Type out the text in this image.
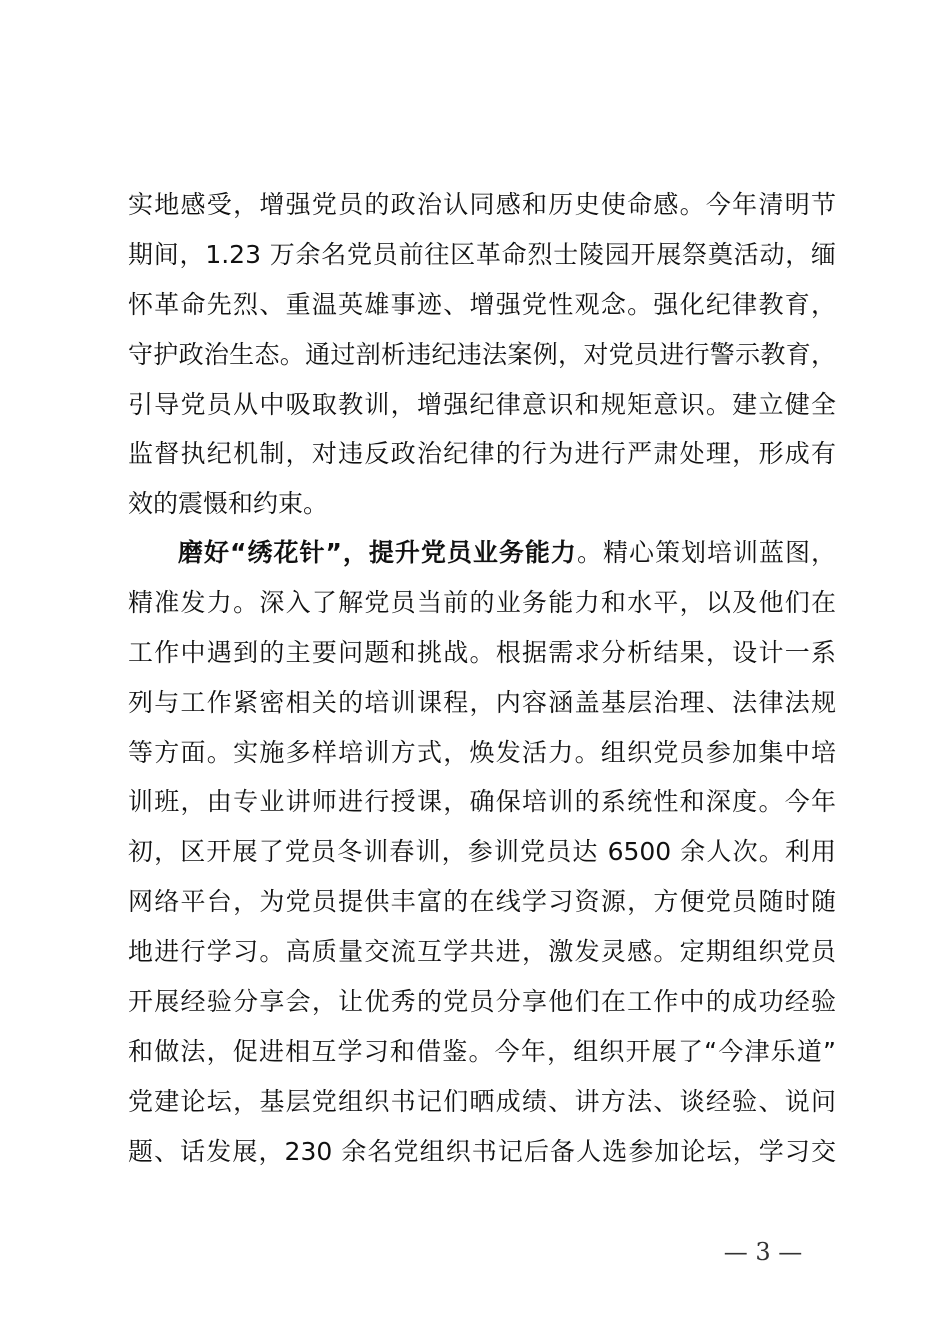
实地感受，增强党员的政治认同感和历史使命感。今年清明节
期间，1.23 万余名党员前往区革命烈士陵园开展祭奠活动，缅
怀革命先烈、重温英雄事迹、增强党性观念。强化纪律教育，
守护政治生态。通过剖析违纪违法案例，对党员进行警示教育，
引导党员从中吸取教训，增强纪律意识和规矩意识。建立健全
监督执纪机制，对违反政治纪律的行为进行严肃处理，形成有
效的震慑和约束。
磨好“绣花针”，提升党员业务能力。精心策划培训蓝图，
精准发力。深入了解党员当前的业务能力和水平，以及他们在
工作中遇到的主要问题和挑战。根据需求分析结果，设计一系
列与工作紧密相关的培训课程，内容涵盖基层治理、法律法规
等方面。实施多样培训方式，焕发活力。组织党员参加集中培
训班，由专业讲师进行授课，确保培训的系统性和深度。今年
初，区开展了党员冬训春训，参训党员达 6500 余人次。利用
网络平台，为党员提供丰富的在线学习资源，方便党员随时随
地进行学习。高质量交流互学共进，激发灵感。定期组织党员
开展经验分享会，让优秀的党员分享他们在工作中的成功经验
和做法，促进相互学习和借鉴。今年，组织开展了“今津乐道”
党建论坛，基层党组织书记们晒成绩、讲方法、谈经验、说问
题、话发展，230 余名党组织书记后备人选参加论坛，学习交
— 3 —
